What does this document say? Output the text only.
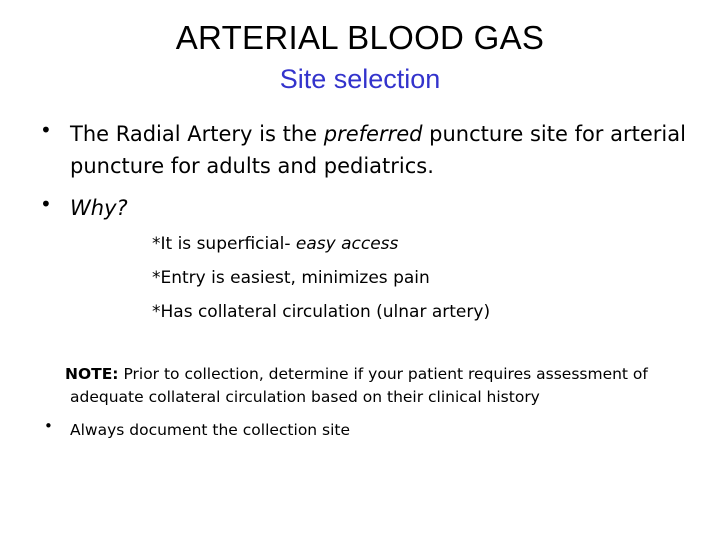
ARTERIAL BLOOD GAS
Site selection
• The Radial Artery is the preferred puncture site for arterial puncture for adults and pediatrics.
• Why?
*It is superficial- easy access
*Entry is easiest, minimizes pain
*Has collateral circulation (ulnar artery)
NOTE: Prior to collection, determine if your patient requires assessment of
adequate collateral circulation based on their clinical history
•	Always document the collection site
